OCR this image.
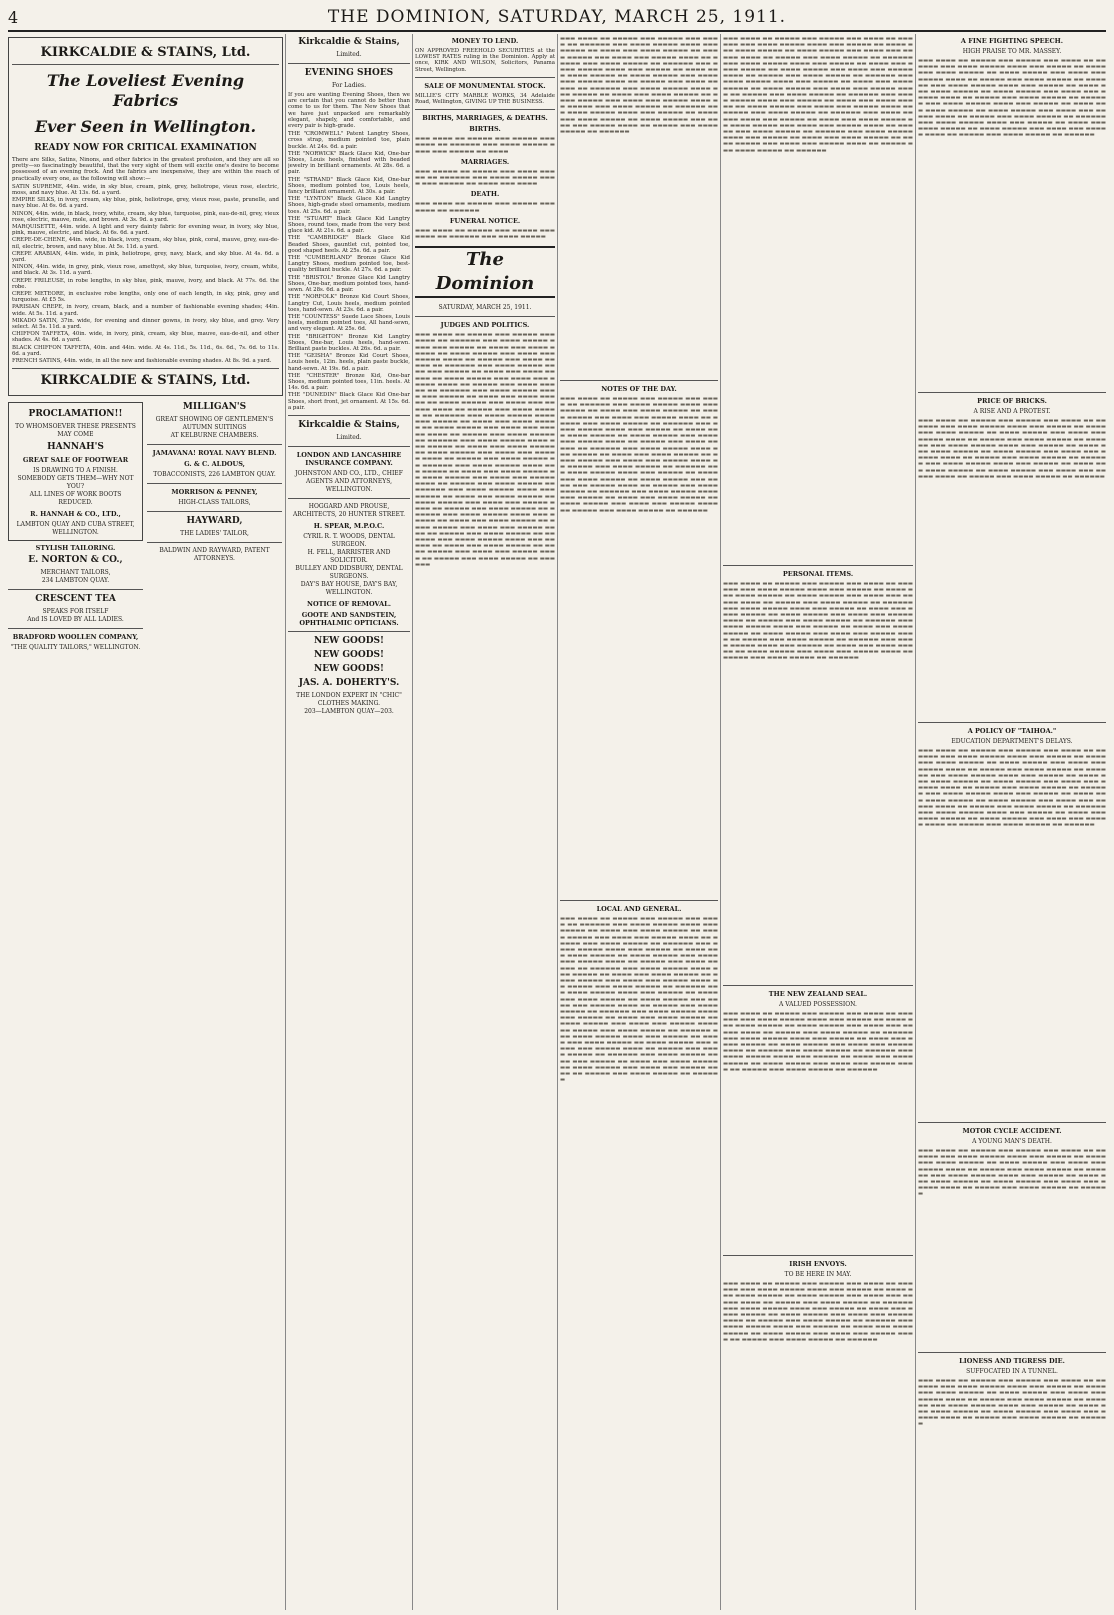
4	THE DOMINION, SATURDAY, MARCH 25, 1911.
KIRKCALDIE & STAINS, Ltd.
The Loveliest Evening Fabrics
Ever Seen in Wellington.
READY NOW FOR CRITICAL EXAMINATION
There are Silks, Satins, Ninons, and other fabrics in the greatest profusion, and they are all so pretty—so fascinatingly beautiful, that the very sight of them will excite one's desire to become possessed of an evening frock. And the fabrics are inexpensive, they are within the reach of practically every one, as the following will show:—
SATIN SUPREME, 44in. wide, in sky blue, cream, pink, grey, heliotrope, vieux rose, electric, moss, and navy blue. At 13s. 6d. a yard.
EMPIRE SILKS, in ivory, cream, sky blue, pink, heliotrope, grey, vieux rose, paste, prunelle, and navy blue. At 6s. 6d. a yard.
NINON, 44in. wide, in black, ivory, white, cream, sky blue, turquoise, pink, eau-de-nil, grey, vieux rose, electric, mauve, mole, and brown. At 3s. 9d. a yard.
MARQUISETTE, 44in. wide. A light and very dainty fabric for evening wear, in ivory, sky blue, pink, mauve, electric, and black. At 6s. 6d. a yard.
CREPE-DE-CHENE, 44in. wide, in black, ivory, cream, sky blue, pink, coral, mauve, grey, eau-de-nil, electric, brown, and navy blue. At 5s. 11d. a yard.
CREPE ARABIAN, 44in. wide, in pink, heliotrope, grey, navy, black, and sky blue. At 4s. 6d. a yard.
NINON, 44in. wide, in grey, pink, vieux rose, amethyst, sky blue, turquoise, ivory, cream, white, and black. At 3s. 11d. a yard.
CREPE FRILEUSE, in robe lengths, in sky blue, pink, mauve, ivory, and black. At 77s. 6d. the robe.
CREPE METEORE, in exclusive robe lengths, only one of each length, in sky, pink, grey and turquoise. At £5 5s.
PARISIAN CREPE, in ivory, cream, black, and a number of fashionable evening shades; 44in. wide. At 5s. 11d. a yard.
MIKADO SATIN, 37in. wide, for evening and dinner gowns, in ivory, sky blue, and grey. Very select. At 5s. 11d. a yard.
CHIFFON TAFFETA, 40in. wide, in ivory, pink, cream, sky blue, mauve, eau-de-nil, and other shades. At 4s. 6d. a yard.
BLACK CHIFFON TAFFETA, 40in. and 44in. wide. At 4s. 11d., 5s. 11d., 6s. 6d., 7s. 6d. to 11s. 6d. a yard.
FRENCH SATINS, 44in. wide, in all the new and fashionable evening shades. At 8s. 9d. a yard.
KIRKCALDIE & STAINS, Ltd.
PROCLAMATION!!
TO WHOMSOEVER THESE PRESENTS MAY COME
HANNAH'S
GREAT SALE OF FOOTWEAR
IS DRAWING TO A FINISH.
SOMEBODY GETS THEM—WHY NOT YOU?
ALL LINES OF WORK BOOTS REDUCED.
R. HANNAH & CO., LTD.,
LAMBTON QUAY AND CUBA STREET, WELLINGTON.
STYLISH TAILORING.
E. NORTON & CO.,
MERCHANT TAILORS,
234 LAMBTON QUAY.
CRESCENT TEA
SPEAKS FOR ITSELF
And IS LOVED BY ALL LADIES.
BRADFORD WOOLLEN COMPANY,
"THE QUALITY TAILORS," WELLINGTON.
MILLIGAN'S
GREAT SHOWING OF GENTLEMEN'S AUTUMN SUITINGS
AT KELBURNE CHAMBERS.
JAMAVANA! ROYAL NAVY BLEND.
G. & C. ALDOUS,
TOBACCONISTS, 226 LAMBTON QUAY.
MORRISON & PENNEY,
HIGH-CLASS TAILORS,
HAYWARD,
THE LADIES' TAILOR,
BALDWIN AND RAYWARD, PATENT ATTORNEYS.
Kirkcaldie & Stains,
Limited.
EVENING SHOES
For Ladies.
If you are wanting Evening Shoes, then we are certain that you cannot do better than come to us for them. The New Shoes that we have just unpacked are remarkably elegant, shapely, and comfortable, and every pair is high-grade.
THE "CROMWELL" Patent Langtry Shoes, cross strap, medium pointed toe, plain buckle. At 24s. 6d. a pair.
THE "NORWICK" Black Glace Kid, One-bar Shoes, Louis heels, finished with beaded jewelry in brilliant ornaments. At 28s. 6d. a pair.
THE "STRAND" Black Glace Kid, One-bar Shoes, medium pointed toe, Louis heels, fancy brilliant ornament. At 30s. a pair.
THE "LYNTON" Black Glace Kid Langtry Shoes, high-grade steel ornaments, medium toes. At 25s. 6d. a pair.
THE "STUART" Black Glace Kid Langtry Shoes, round toes, made from the very best glace kid. At 21s. 6d. a pair.
THE "CAMBRIDGE" Black Glace Kid Beaded Shoes, gauntlet cut, pointed toe, good shaped heels. At 25s. 6d. a pair.
THE "CUMBERLAND" Bronze Glace Kid Langtry Shoes, medium pointed toe, best-quality brilliant buckle. At 27s. 6d. a pair.
THE "BRISTOL" Bronze Glace Kid Langtry Shoes, One-bar, medium pointed toes, hand-sewn. At 28s. 6d. a pair.
THE "NORFOLK" Bronze Kid Court Shoes, Langtry Cut, Louis heels, medium pointed toes, hand-sewn. At 23s. 6d. a pair.
THE "COUNTESS" Suede Lace Shoes, Louis heels, medium pointed toes, All hand-sewn, and very elegant. At 25s. 6d.
THE "BRIGHTON" Bronze Kid Langtry Shoes, One-bar, Louis heels, hand-sewn. Brilliant paste buckles. At 26s. 6d. a pair.
THE "GEISHA" Bronze Kid Court Shoes, Louis heels, 12in. heels, plain paste buckle, hand-sewn. At 19s. 6d. a pair.
THE "CHESTER" Bronze Kid, One-bar Shoes, medium pointed toes, 11in. heels. At 14s. 6d. a pair.
THE "DUNEDIN" Black Glace Kid One-bar Shoes, short front, jet ornament. At 15s. 6d. a pair.
Kirkcaldie & Stains,
Limited.
LONDON AND LANCASHIRE INSURANCE COMPANY.
JOHNSTON AND CO., LTD., CHIEF AGENTS AND ATTORNEYS, WELLINGTON.
HOGGARD AND PROUSE, ARCHITECTS, 20 HUNTER STREET.
H. SPEAR, M.P.O.C.
CYRIL R. T. WOODS, DENTAL SURGEON.
H. FELL, BARRISTER AND SOLICITOR.
BULLEY AND DIDSBURY, DENTAL SURGEONS.
DAY'S BAY HOUSE, DAY'S BAY, WELLINGTON.
NOTICE OF REMOVAL.
GOOTE AND SANDSTEIN, OPHTHALMIC OPTICIANS.
NEW GOODS!
NEW GOODS!
NEW GOODS!
JAS. A. DOHERTY'S.
THE LONDON EXPERT IN "CHIC" CLOTHES MAKING.
203—LAMBTON QUAY—203.
MONEY TO LEND.
ON APPROVED FREEHOLD SECURITIES at the LOWEST RATES ruling in the Dominion. Apply at once, KIRK AND WILSON, Solicitors, Panama Street, Wellington.
SALE OF MONUMENTAL STOCK.
MILLIE'S CITY MARBLE WORKS, 34 Adelaide Road, Wellington, GIVING UP THE BUSINESS.
BIRTHS, MARRIAGES, & DEATHS.
BIRTHS.
▬▬▬ ▬▬▬▬ ▬▬ ▬▬▬▬▬ ▬▬▬ ▬▬▬▬▬ ▬▬▬ ▬▬▬▬ ▬▬ ▬▬▬▬▬▬ ▬▬▬ ▬▬▬▬ ▬▬▬▬▬ ▬▬▬▬ ▬▬▬ ▬▬▬▬▬ ▬▬ ▬▬▬▬
MARRIAGES.
▬▬▬ ▬▬▬▬▬ ▬▬ ▬▬▬▬▬ ▬▬▬ ▬▬▬▬ ▬▬▬▬▬ ▬▬ ▬▬▬▬▬▬ ▬▬▬ ▬▬▬▬ ▬▬▬▬▬ ▬▬▬▬ ▬▬▬ ▬▬▬▬▬ ▬▬ ▬▬▬▬ ▬▬▬ ▬▬▬▬
DEATH.
▬▬▬ ▬▬▬▬ ▬▬ ▬▬▬▬▬ ▬▬▬ ▬▬▬▬▬ ▬▬▬ ▬▬▬▬ ▬▬ ▬▬▬▬▬▬
FUNERAL NOTICE.
▬▬▬ ▬▬▬▬ ▬▬ ▬▬▬▬▬ ▬▬▬ ▬▬▬▬▬ ▬▬▬ ▬▬▬▬ ▬▬ ▬▬▬▬▬▬ ▬▬▬ ▬▬▬▬ ▬▬▬▬▬
The Dominion
SATURDAY, MARCH 25, 1911.
JUDGES AND POLITICS.
▬▬▬ ▬▬▬▬ ▬▬ ▬▬▬▬▬ ▬▬▬ ▬▬▬▬▬ ▬▬▬ ▬▬▬▬ ▬▬ ▬▬▬▬▬▬ ▬▬▬ ▬▬▬▬ ▬▬▬▬▬ ▬▬▬▬ ▬▬▬ ▬▬▬▬▬ ▬▬ ▬▬▬▬ ▬▬▬ ▬▬▬▬ ▬▬▬▬▬ ▬▬ ▬▬▬▬ ▬▬▬▬▬ ▬▬▬ ▬▬▬▬ ▬▬▬ ▬▬▬▬▬ ▬▬▬▬ ▬▬ ▬▬▬▬▬ ▬▬▬ ▬▬▬▬ ▬▬▬▬▬ ▬▬ ▬▬▬▬▬▬ ▬▬▬ ▬▬▬▬ ▬▬▬▬▬ ▬▬▬▬ ▬▬▬ ▬▬▬▬▬ ▬▬ ▬▬▬▬ ▬▬▬ ▬▬▬▬ ▬▬▬▬▬ ▬▬ ▬▬▬▬ ▬▬▬▬▬ ▬▬▬ ▬▬▬▬ ▬▬▬ ▬▬▬▬▬ ▬▬▬▬ ▬▬ ▬▬▬▬▬ ▬▬▬ ▬▬▬▬ ▬▬▬▬▬ ▬▬ ▬▬▬▬▬▬ ▬▬▬ ▬▬▬▬ ▬▬▬▬▬ ▬▬▬▬ ▬▬▬ ▬▬▬▬▬ ▬▬ ▬▬▬▬ ▬▬▬ ▬▬▬▬ ▬▬▬▬▬ ▬▬ ▬▬▬▬ ▬▬▬▬▬ ▬▬▬ ▬▬▬▬ ▬▬▬ ▬▬▬▬▬ ▬▬▬▬ ▬▬ ▬▬▬▬▬ ▬▬▬ ▬▬▬▬ ▬▬▬▬▬ ▬▬ ▬▬▬▬▬▬ ▬▬▬ ▬▬▬▬ ▬▬▬▬▬ ▬▬▬▬ ▬▬▬ ▬▬▬▬▬ ▬▬ ▬▬▬▬ ▬▬▬ ▬▬▬▬ ▬▬▬▬▬ ▬▬ ▬▬▬▬ ▬▬▬▬▬ ▬▬▬ ▬▬▬▬ ▬▬▬ ▬▬▬▬▬ ▬▬▬▬ ▬▬ ▬▬▬▬▬ ▬▬▬ ▬▬▬▬ ▬▬▬▬▬ ▬▬ ▬▬▬▬▬▬ ▬▬▬ ▬▬▬▬ ▬▬▬▬▬ ▬▬▬▬ ▬▬▬ ▬▬▬▬▬ ▬▬ ▬▬▬▬ ▬▬▬ ▬▬▬▬ ▬▬▬▬▬ ▬▬ ▬▬▬▬ ▬▬▬▬▬ ▬▬▬ ▬▬▬▬ ▬▬▬ ▬▬▬▬▬ ▬▬▬▬ ▬▬ ▬▬▬▬▬ ▬▬▬ ▬▬▬▬ ▬▬▬▬▬ ▬▬ ▬▬▬▬▬▬ ▬▬▬ ▬▬▬▬ ▬▬▬▬▬ ▬▬▬▬ ▬▬▬ ▬▬▬▬▬ ▬▬ ▬▬▬▬ ▬▬▬ ▬▬▬▬ ▬▬▬▬▬ ▬▬ ▬▬▬▬ ▬▬▬▬▬ ▬▬▬ ▬▬▬▬ ▬▬▬ ▬▬▬▬▬ ▬▬▬▬ ▬▬ ▬▬▬▬▬ ▬▬▬ ▬▬▬▬ ▬▬▬▬▬ ▬▬ ▬▬▬▬▬▬ ▬▬▬ ▬▬▬▬ ▬▬▬▬▬ ▬▬▬▬ ▬▬▬ ▬▬▬▬▬ ▬▬ ▬▬▬▬ ▬▬▬ ▬▬▬▬ ▬▬▬▬▬ ▬▬ ▬▬▬▬ ▬▬▬▬▬ ▬▬▬ ▬▬▬▬ ▬▬▬ ▬▬▬▬▬ ▬▬▬▬ ▬▬ ▬▬▬▬▬ ▬▬▬ ▬▬▬▬ ▬▬▬▬▬ ▬▬ ▬▬▬▬▬▬ ▬▬▬ ▬▬▬▬ ▬▬▬▬▬ ▬▬▬▬ ▬▬▬ ▬▬▬▬▬ ▬▬ ▬▬▬▬ ▬▬▬ ▬▬▬▬ ▬▬▬▬▬ ▬▬ ▬▬▬▬ ▬▬▬▬▬ ▬▬▬ ▬▬▬▬ ▬▬▬ ▬▬▬▬▬ ▬▬▬▬ ▬▬ ▬▬▬▬▬ ▬▬▬ ▬▬▬▬ ▬▬▬▬▬ ▬▬ ▬▬▬▬▬▬ ▬▬▬ ▬▬▬▬ ▬▬▬▬▬ ▬▬▬▬ ▬▬▬ ▬▬▬▬▬ ▬▬ ▬▬▬▬ ▬▬▬ ▬▬▬▬ ▬▬▬▬▬ ▬▬ ▬▬▬▬ ▬▬▬▬▬ ▬▬▬ ▬▬▬▬ ▬▬▬ ▬▬▬▬▬ ▬▬▬▬ ▬▬ ▬▬▬▬▬ ▬▬▬ ▬▬▬▬ ▬▬▬▬▬ ▬▬ ▬▬▬▬▬▬
▬▬▬ ▬▬▬▬ ▬▬ ▬▬▬▬▬ ▬▬▬ ▬▬▬▬▬ ▬▬▬ ▬▬▬▬ ▬▬ ▬▬▬▬▬▬ ▬▬▬ ▬▬▬▬ ▬▬▬▬▬ ▬▬▬▬ ▬▬▬ ▬▬▬▬▬ ▬▬ ▬▬▬▬ ▬▬▬ ▬▬▬▬ ▬▬▬▬▬ ▬▬ ▬▬▬▬ ▬▬▬▬▬ ▬▬▬ ▬▬▬▬ ▬▬▬ ▬▬▬▬▬ ▬▬▬▬ ▬▬ ▬▬▬▬▬ ▬▬▬ ▬▬▬▬ ▬▬▬▬▬ ▬▬ ▬▬▬▬▬▬ ▬▬▬ ▬▬▬▬ ▬▬▬▬▬ ▬▬▬▬ ▬▬▬ ▬▬▬▬▬ ▬▬ ▬▬▬▬ ▬▬▬ ▬▬▬▬ ▬▬▬▬▬ ▬▬ ▬▬▬▬ ▬▬▬▬▬ ▬▬▬ ▬▬▬▬ ▬▬▬ ▬▬▬▬▬ ▬▬▬▬ ▬▬ ▬▬▬▬▬ ▬▬▬ ▬▬▬▬ ▬▬▬▬▬ ▬▬ ▬▬▬▬▬▬ ▬▬▬ ▬▬▬▬ ▬▬▬▬▬ ▬▬▬▬ ▬▬▬ ▬▬▬▬▬ ▬▬ ▬▬▬▬ ▬▬▬ ▬▬▬▬ ▬▬▬▬▬ ▬▬ ▬▬▬▬ ▬▬▬▬▬ ▬▬▬ ▬▬▬▬ ▬▬▬ ▬▬▬▬▬ ▬▬▬▬ ▬▬ ▬▬▬▬▬ ▬▬▬ ▬▬▬▬ ▬▬▬▬▬ ▬▬ ▬▬▬▬▬▬ ▬▬▬ ▬▬▬▬ ▬▬▬▬▬ ▬▬▬▬ ▬▬▬ ▬▬▬▬▬ ▬▬ ▬▬▬▬ ▬▬▬ ▬▬▬▬ ▬▬▬▬▬ ▬▬ ▬▬▬▬ ▬▬▬▬▬ ▬▬▬ ▬▬▬▬ ▬▬▬ ▬▬▬▬▬ ▬▬▬▬ ▬▬ ▬▬▬▬▬ ▬▬▬ ▬▬▬▬ ▬▬▬▬▬ ▬▬ ▬▬▬▬▬▬
NOTES OF THE DAY.
▬▬▬ ▬▬▬▬ ▬▬ ▬▬▬▬▬ ▬▬▬ ▬▬▬▬▬ ▬▬▬ ▬▬▬▬ ▬▬ ▬▬▬▬▬▬ ▬▬▬ ▬▬▬▬ ▬▬▬▬▬ ▬▬▬▬ ▬▬▬ ▬▬▬▬▬ ▬▬ ▬▬▬▬ ▬▬▬ ▬▬▬▬ ▬▬▬▬▬ ▬▬ ▬▬▬▬ ▬▬▬▬▬ ▬▬▬ ▬▬▬▬ ▬▬▬ ▬▬▬▬▬ ▬▬▬▬ ▬▬ ▬▬▬▬▬ ▬▬▬ ▬▬▬▬ ▬▬▬▬▬ ▬▬ ▬▬▬▬▬▬ ▬▬▬ ▬▬▬▬ ▬▬▬▬▬ ▬▬▬▬ ▬▬▬ ▬▬▬▬▬ ▬▬ ▬▬▬▬ ▬▬▬ ▬▬▬▬ ▬▬▬▬▬ ▬▬ ▬▬▬▬ ▬▬▬▬▬ ▬▬▬ ▬▬▬▬ ▬▬▬ ▬▬▬▬▬ ▬▬▬▬ ▬▬ ▬▬▬▬▬ ▬▬▬ ▬▬▬▬ ▬▬▬▬▬ ▬▬ ▬▬▬▬▬▬ ▬▬▬ ▬▬▬▬ ▬▬▬▬▬ ▬▬▬▬ ▬▬▬ ▬▬▬▬▬ ▬▬ ▬▬▬▬ ▬▬▬ ▬▬▬▬ ▬▬▬▬▬ ▬▬ ▬▬▬▬ ▬▬▬▬▬ ▬▬▬ ▬▬▬▬ ▬▬▬ ▬▬▬▬▬ ▬▬▬▬ ▬▬ ▬▬▬▬▬ ▬▬▬ ▬▬▬▬ ▬▬▬▬▬ ▬▬ ▬▬▬▬▬▬ ▬▬▬ ▬▬▬▬ ▬▬▬▬▬ ▬▬▬▬ ▬▬▬ ▬▬▬▬▬ ▬▬ ▬▬▬▬ ▬▬▬ ▬▬▬▬ ▬▬▬▬▬ ▬▬ ▬▬▬▬ ▬▬▬▬▬ ▬▬▬ ▬▬▬▬ ▬▬▬ ▬▬▬▬▬ ▬▬▬▬ ▬▬ ▬▬▬▬▬ ▬▬▬ ▬▬▬▬ ▬▬▬▬▬ ▬▬ ▬▬▬▬▬▬ ▬▬▬ ▬▬▬▬ ▬▬▬▬▬ ▬▬▬▬ ▬▬▬ ▬▬▬▬▬ ▬▬ ▬▬▬▬ ▬▬▬ ▬▬▬▬ ▬▬▬▬▬ ▬▬ ▬▬▬▬ ▬▬▬▬▬ ▬▬▬ ▬▬▬▬ ▬▬▬ ▬▬▬▬▬ ▬▬▬▬ ▬▬ ▬▬▬▬▬ ▬▬▬ ▬▬▬▬ ▬▬▬▬▬ ▬▬ ▬▬▬▬▬▬
LOCAL AND GENERAL.
▬▬▬ ▬▬▬▬ ▬▬ ▬▬▬▬▬ ▬▬▬ ▬▬▬▬▬ ▬▬▬ ▬▬▬▬ ▬▬ ▬▬▬▬▬▬ ▬▬▬ ▬▬▬▬ ▬▬▬▬▬ ▬▬▬▬ ▬▬▬ ▬▬▬▬▬ ▬▬ ▬▬▬▬ ▬▬▬ ▬▬▬▬ ▬▬▬▬▬ ▬▬ ▬▬▬▬ ▬▬▬▬▬ ▬▬▬ ▬▬▬▬ ▬▬▬ ▬▬▬▬▬ ▬▬▬▬ ▬▬ ▬▬▬▬▬ ▬▬▬ ▬▬▬▬ ▬▬▬▬▬ ▬▬ ▬▬▬▬▬▬ ▬▬▬ ▬▬▬▬ ▬▬▬▬▬ ▬▬▬▬ ▬▬▬ ▬▬▬▬▬ ▬▬ ▬▬▬▬ ▬▬▬ ▬▬▬▬ ▬▬▬▬▬ ▬▬ ▬▬▬▬ ▬▬▬▬▬ ▬▬▬ ▬▬▬▬ ▬▬▬ ▬▬▬▬▬ ▬▬▬▬ ▬▬ ▬▬▬▬▬ ▬▬▬ ▬▬▬▬ ▬▬▬▬▬ ▬▬ ▬▬▬▬▬▬ ▬▬▬ ▬▬▬▬ ▬▬▬▬▬ ▬▬▬▬ ▬▬▬ ▬▬▬▬▬ ▬▬ ▬▬▬▬ ▬▬▬ ▬▬▬▬ ▬▬▬▬▬ ▬▬ ▬▬▬▬ ▬▬▬▬▬ ▬▬▬ ▬▬▬▬ ▬▬▬ ▬▬▬▬▬ ▬▬▬▬ ▬▬ ▬▬▬▬▬ ▬▬▬ ▬▬▬▬ ▬▬▬▬▬ ▬▬ ▬▬▬▬▬▬ ▬▬▬ ▬▬▬▬ ▬▬▬▬▬ ▬▬▬▬ ▬▬▬ ▬▬▬▬▬ ▬▬ ▬▬▬▬ ▬▬▬ ▬▬▬▬ ▬▬▬▬▬ ▬▬ ▬▬▬▬ ▬▬▬▬▬ ▬▬▬ ▬▬▬▬ ▬▬▬ ▬▬▬▬▬ ▬▬▬▬ ▬▬ ▬▬▬▬▬ ▬▬▬ ▬▬▬▬ ▬▬▬▬▬ ▬▬ ▬▬▬▬▬▬ ▬▬▬ ▬▬▬▬ ▬▬▬▬▬ ▬▬▬▬ ▬▬▬ ▬▬▬▬▬ ▬▬ ▬▬▬▬ ▬▬▬ ▬▬▬▬ ▬▬▬▬▬ ▬▬ ▬▬▬▬ ▬▬▬▬▬ ▬▬▬ ▬▬▬▬ ▬▬▬ ▬▬▬▬▬ ▬▬▬▬ ▬▬ ▬▬▬▬▬ ▬▬▬ ▬▬▬▬ ▬▬▬▬▬ ▬▬ ▬▬▬▬▬▬ ▬▬▬ ▬▬▬▬ ▬▬▬▬▬ ▬▬▬▬ ▬▬▬ ▬▬▬▬▬ ▬▬ ▬▬▬▬ ▬▬▬ ▬▬▬▬ ▬▬▬▬▬ ▬▬ ▬▬▬▬ ▬▬▬▬▬ ▬▬▬ ▬▬▬▬ ▬▬▬ ▬▬▬▬▬ ▬▬▬▬ ▬▬ ▬▬▬▬▬ ▬▬▬ ▬▬▬▬ ▬▬▬▬▬ ▬▬ ▬▬▬▬▬▬ ▬▬▬ ▬▬▬▬ ▬▬▬▬▬ ▬▬▬▬ ▬▬▬ ▬▬▬▬▬ ▬▬ ▬▬▬▬ ▬▬▬ ▬▬▬▬ ▬▬▬▬▬ ▬▬ ▬▬▬▬ ▬▬▬▬▬ ▬▬▬ ▬▬▬▬ ▬▬▬ ▬▬▬▬▬ ▬▬▬▬ ▬▬ ▬▬▬▬▬ ▬▬▬ ▬▬▬▬ ▬▬▬▬▬ ▬▬ ▬▬▬▬▬▬
▬▬▬ ▬▬▬▬ ▬▬ ▬▬▬▬▬ ▬▬▬ ▬▬▬▬▬ ▬▬▬ ▬▬▬▬ ▬▬ ▬▬▬▬▬▬ ▬▬▬ ▬▬▬▬ ▬▬▬▬▬ ▬▬▬▬ ▬▬▬ ▬▬▬▬▬ ▬▬ ▬▬▬▬ ▬▬▬ ▬▬▬▬ ▬▬▬▬▬ ▬▬ ▬▬▬▬ ▬▬▬▬▬ ▬▬▬ ▬▬▬▬ ▬▬▬ ▬▬▬▬▬ ▬▬▬▬ ▬▬ ▬▬▬▬▬ ▬▬▬ ▬▬▬▬ ▬▬▬▬▬ ▬▬ ▬▬▬▬▬▬ ▬▬▬ ▬▬▬▬ ▬▬▬▬▬ ▬▬▬▬ ▬▬▬ ▬▬▬▬▬ ▬▬ ▬▬▬▬ ▬▬▬ ▬▬▬▬ ▬▬▬▬▬ ▬▬ ▬▬▬▬ ▬▬▬▬▬ ▬▬▬ ▬▬▬▬ ▬▬▬ ▬▬▬▬▬ ▬▬▬▬ ▬▬ ▬▬▬▬▬ ▬▬▬ ▬▬▬▬ ▬▬▬▬▬ ▬▬ ▬▬▬▬▬▬ ▬▬▬ ▬▬▬▬ ▬▬▬▬▬ ▬▬▬▬ ▬▬▬ ▬▬▬▬▬ ▬▬ ▬▬▬▬ ▬▬▬ ▬▬▬▬ ▬▬▬▬▬ ▬▬ ▬▬▬▬ ▬▬▬▬▬ ▬▬▬ ▬▬▬▬ ▬▬▬ ▬▬▬▬▬ ▬▬▬▬ ▬▬ ▬▬▬▬▬ ▬▬▬ ▬▬▬▬ ▬▬▬▬▬ ▬▬ ▬▬▬▬▬▬ ▬▬▬ ▬▬▬▬ ▬▬▬▬▬ ▬▬▬▬ ▬▬▬ ▬▬▬▬▬ ▬▬ ▬▬▬▬ ▬▬▬ ▬▬▬▬ ▬▬▬▬▬ ▬▬ ▬▬▬▬ ▬▬▬▬▬ ▬▬▬ ▬▬▬▬ ▬▬▬ ▬▬▬▬▬ ▬▬▬▬ ▬▬ ▬▬▬▬▬ ▬▬▬ ▬▬▬▬ ▬▬▬▬▬ ▬▬ ▬▬▬▬▬▬ ▬▬▬ ▬▬▬▬ ▬▬▬▬▬ ▬▬▬▬ ▬▬▬ ▬▬▬▬▬ ▬▬ ▬▬▬▬ ▬▬▬ ▬▬▬▬ ▬▬▬▬▬ ▬▬ ▬▬▬▬ ▬▬▬▬▬ ▬▬▬ ▬▬▬▬ ▬▬▬ ▬▬▬▬▬ ▬▬▬▬ ▬▬ ▬▬▬▬▬ ▬▬▬ ▬▬▬▬ ▬▬▬▬▬ ▬▬ ▬▬▬▬▬▬ ▬▬▬ ▬▬▬▬ ▬▬▬▬▬ ▬▬▬▬ ▬▬▬ ▬▬▬▬▬ ▬▬ ▬▬▬▬ ▬▬▬ ▬▬▬▬ ▬▬▬▬▬ ▬▬ ▬▬▬▬ ▬▬▬▬▬ ▬▬▬ ▬▬▬▬ ▬▬▬ ▬▬▬▬▬ ▬▬▬▬ ▬▬ ▬▬▬▬▬ ▬▬▬ ▬▬▬▬ ▬▬▬▬▬ ▬▬ ▬▬▬▬▬▬
PERSONAL ITEMS.
▬▬▬ ▬▬▬▬ ▬▬ ▬▬▬▬▬ ▬▬▬ ▬▬▬▬▬ ▬▬▬ ▬▬▬▬ ▬▬ ▬▬▬▬▬▬ ▬▬▬ ▬▬▬▬ ▬▬▬▬▬ ▬▬▬▬ ▬▬▬ ▬▬▬▬▬ ▬▬ ▬▬▬▬ ▬▬▬ ▬▬▬▬ ▬▬▬▬▬ ▬▬ ▬▬▬▬ ▬▬▬▬▬ ▬▬▬ ▬▬▬▬ ▬▬▬ ▬▬▬▬▬ ▬▬▬▬ ▬▬ ▬▬▬▬▬ ▬▬▬ ▬▬▬▬ ▬▬▬▬▬ ▬▬ ▬▬▬▬▬▬ ▬▬▬ ▬▬▬▬ ▬▬▬▬▬ ▬▬▬▬ ▬▬▬ ▬▬▬▬▬ ▬▬ ▬▬▬▬ ▬▬▬ ▬▬▬▬ ▬▬▬▬▬ ▬▬ ▬▬▬▬ ▬▬▬▬▬ ▬▬▬ ▬▬▬▬ ▬▬▬ ▬▬▬▬▬ ▬▬▬▬ ▬▬ ▬▬▬▬▬ ▬▬▬ ▬▬▬▬ ▬▬▬▬▬ ▬▬ ▬▬▬▬▬▬ ▬▬▬ ▬▬▬▬ ▬▬▬▬▬ ▬▬▬▬ ▬▬▬ ▬▬▬▬▬ ▬▬ ▬▬▬▬ ▬▬▬ ▬▬▬▬ ▬▬▬▬▬ ▬▬ ▬▬▬▬ ▬▬▬▬▬ ▬▬▬ ▬▬▬▬ ▬▬▬ ▬▬▬▬▬ ▬▬▬▬ ▬▬ ▬▬▬▬▬ ▬▬▬ ▬▬▬▬ ▬▬▬▬▬ ▬▬ ▬▬▬▬▬▬ ▬▬▬ ▬▬▬▬ ▬▬▬▬▬ ▬▬▬▬ ▬▬▬ ▬▬▬▬▬ ▬▬ ▬▬▬▬ ▬▬▬ ▬▬▬▬ ▬▬▬▬▬ ▬▬ ▬▬▬▬ ▬▬▬▬▬ ▬▬▬ ▬▬▬▬ ▬▬▬ ▬▬▬▬▬ ▬▬▬▬ ▬▬ ▬▬▬▬▬ ▬▬▬ ▬▬▬▬ ▬▬▬▬▬ ▬▬ ▬▬▬▬▬▬
THE NEW ZEALAND SEAL.
A VALUED POSSESSION.
▬▬▬ ▬▬▬▬ ▬▬ ▬▬▬▬▬ ▬▬▬ ▬▬▬▬▬ ▬▬▬ ▬▬▬▬ ▬▬ ▬▬▬▬▬▬ ▬▬▬ ▬▬▬▬ ▬▬▬▬▬ ▬▬▬▬ ▬▬▬ ▬▬▬▬▬ ▬▬ ▬▬▬▬ ▬▬▬ ▬▬▬▬ ▬▬▬▬▬ ▬▬ ▬▬▬▬ ▬▬▬▬▬ ▬▬▬ ▬▬▬▬ ▬▬▬ ▬▬▬▬▬ ▬▬▬▬ ▬▬ ▬▬▬▬▬ ▬▬▬ ▬▬▬▬ ▬▬▬▬▬ ▬▬ ▬▬▬▬▬▬ ▬▬▬ ▬▬▬▬ ▬▬▬▬▬ ▬▬▬▬ ▬▬▬ ▬▬▬▬▬ ▬▬ ▬▬▬▬ ▬▬▬ ▬▬▬▬ ▬▬▬▬▬ ▬▬ ▬▬▬▬ ▬▬▬▬▬ ▬▬▬ ▬▬▬▬ ▬▬▬ ▬▬▬▬▬ ▬▬▬▬ ▬▬ ▬▬▬▬▬ ▬▬▬ ▬▬▬▬ ▬▬▬▬▬ ▬▬ ▬▬▬▬▬▬ ▬▬▬ ▬▬▬▬ ▬▬▬▬▬ ▬▬▬▬ ▬▬▬ ▬▬▬▬▬ ▬▬ ▬▬▬▬ ▬▬▬ ▬▬▬▬ ▬▬▬▬▬ ▬▬ ▬▬▬▬ ▬▬▬▬▬ ▬▬▬ ▬▬▬▬ ▬▬▬ ▬▬▬▬▬ ▬▬▬▬ ▬▬ ▬▬▬▬▬ ▬▬▬ ▬▬▬▬ ▬▬▬▬▬ ▬▬ ▬▬▬▬▬▬
IRISH ENVOYS.
TO BE HERE IN MAY.
▬▬▬ ▬▬▬▬ ▬▬ ▬▬▬▬▬ ▬▬▬ ▬▬▬▬▬ ▬▬▬ ▬▬▬▬ ▬▬ ▬▬▬▬▬▬ ▬▬▬ ▬▬▬▬ ▬▬▬▬▬ ▬▬▬▬ ▬▬▬ ▬▬▬▬▬ ▬▬ ▬▬▬▬ ▬▬▬ ▬▬▬▬ ▬▬▬▬▬ ▬▬ ▬▬▬▬ ▬▬▬▬▬ ▬▬▬ ▬▬▬▬ ▬▬▬ ▬▬▬▬▬ ▬▬▬▬ ▬▬ ▬▬▬▬▬ ▬▬▬ ▬▬▬▬ ▬▬▬▬▬ ▬▬ ▬▬▬▬▬▬ ▬▬▬ ▬▬▬▬ ▬▬▬▬▬ ▬▬▬▬ ▬▬▬ ▬▬▬▬▬ ▬▬ ▬▬▬▬ ▬▬▬ ▬▬▬▬ ▬▬▬▬▬ ▬▬ ▬▬▬▬ ▬▬▬▬▬ ▬▬▬ ▬▬▬▬ ▬▬▬ ▬▬▬▬▬ ▬▬▬▬ ▬▬ ▬▬▬▬▬ ▬▬▬ ▬▬▬▬ ▬▬▬▬▬ ▬▬ ▬▬▬▬▬▬ ▬▬▬ ▬▬▬▬ ▬▬▬▬▬ ▬▬▬▬ ▬▬▬ ▬▬▬▬▬ ▬▬ ▬▬▬▬ ▬▬▬ ▬▬▬▬ ▬▬▬▬▬ ▬▬ ▬▬▬▬ ▬▬▬▬▬ ▬▬▬ ▬▬▬▬ ▬▬▬ ▬▬▬▬▬ ▬▬▬▬ ▬▬ ▬▬▬▬▬ ▬▬▬ ▬▬▬▬ ▬▬▬▬▬ ▬▬ ▬▬▬▬▬▬
A FINE FIGHTING SPEECH.
HIGH PRAISE TO MR. MASSEY.
▬▬▬ ▬▬▬▬ ▬▬ ▬▬▬▬▬ ▬▬▬ ▬▬▬▬▬ ▬▬▬ ▬▬▬▬ ▬▬ ▬▬▬▬▬▬ ▬▬▬ ▬▬▬▬ ▬▬▬▬▬ ▬▬▬▬ ▬▬▬ ▬▬▬▬▬ ▬▬ ▬▬▬▬ ▬▬▬ ▬▬▬▬ ▬▬▬▬▬ ▬▬ ▬▬▬▬ ▬▬▬▬▬ ▬▬▬ ▬▬▬▬ ▬▬▬ ▬▬▬▬▬ ▬▬▬▬ ▬▬ ▬▬▬▬▬ ▬▬▬ ▬▬▬▬ ▬▬▬▬▬ ▬▬ ▬▬▬▬▬▬ ▬▬▬ ▬▬▬▬ ▬▬▬▬▬ ▬▬▬▬ ▬▬▬ ▬▬▬▬▬ ▬▬ ▬▬▬▬ ▬▬▬ ▬▬▬▬ ▬▬▬▬▬ ▬▬ ▬▬▬▬ ▬▬▬▬▬ ▬▬▬ ▬▬▬▬ ▬▬▬ ▬▬▬▬▬ ▬▬▬▬ ▬▬ ▬▬▬▬▬ ▬▬▬ ▬▬▬▬ ▬▬▬▬▬ ▬▬ ▬▬▬▬▬▬ ▬▬▬ ▬▬▬▬ ▬▬▬▬▬ ▬▬▬▬ ▬▬▬ ▬▬▬▬▬ ▬▬ ▬▬▬▬ ▬▬▬ ▬▬▬▬ ▬▬▬▬▬ ▬▬ ▬▬▬▬ ▬▬▬▬▬ ▬▬▬ ▬▬▬▬ ▬▬▬ ▬▬▬▬▬ ▬▬▬▬ ▬▬ ▬▬▬▬▬ ▬▬▬ ▬▬▬▬ ▬▬▬▬▬ ▬▬ ▬▬▬▬▬▬ ▬▬▬ ▬▬▬▬ ▬▬▬▬▬ ▬▬▬▬ ▬▬▬ ▬▬▬▬▬ ▬▬ ▬▬▬▬ ▬▬▬ ▬▬▬▬ ▬▬▬▬▬ ▬▬ ▬▬▬▬ ▬▬▬▬▬ ▬▬▬ ▬▬▬▬ ▬▬▬ ▬▬▬▬▬ ▬▬▬▬ ▬▬ ▬▬▬▬▬ ▬▬▬ ▬▬▬▬ ▬▬▬▬▬ ▬▬ ▬▬▬▬▬▬
PRICE OF BRICKS.
A RISE AND A PROTEST.
▬▬▬ ▬▬▬▬ ▬▬ ▬▬▬▬▬ ▬▬▬ ▬▬▬▬▬ ▬▬▬ ▬▬▬▬ ▬▬ ▬▬▬▬▬▬ ▬▬▬ ▬▬▬▬ ▬▬▬▬▬ ▬▬▬▬ ▬▬▬ ▬▬▬▬▬ ▬▬ ▬▬▬▬ ▬▬▬ ▬▬▬▬ ▬▬▬▬▬ ▬▬ ▬▬▬▬ ▬▬▬▬▬ ▬▬▬ ▬▬▬▬ ▬▬▬ ▬▬▬▬▬ ▬▬▬▬ ▬▬ ▬▬▬▬▬ ▬▬▬ ▬▬▬▬ ▬▬▬▬▬ ▬▬ ▬▬▬▬▬▬ ▬▬▬ ▬▬▬▬ ▬▬▬▬▬ ▬▬▬▬ ▬▬▬ ▬▬▬▬▬ ▬▬ ▬▬▬▬ ▬▬▬ ▬▬▬▬ ▬▬▬▬▬ ▬▬ ▬▬▬▬ ▬▬▬▬▬ ▬▬▬ ▬▬▬▬ ▬▬▬ ▬▬▬▬▬ ▬▬▬▬ ▬▬ ▬▬▬▬▬ ▬▬▬ ▬▬▬▬ ▬▬▬▬▬ ▬▬ ▬▬▬▬▬▬ ▬▬▬ ▬▬▬▬ ▬▬▬▬▬ ▬▬▬▬ ▬▬▬ ▬▬▬▬▬ ▬▬ ▬▬▬▬ ▬▬▬ ▬▬▬▬ ▬▬▬▬▬ ▬▬ ▬▬▬▬ ▬▬▬▬▬ ▬▬▬ ▬▬▬▬ ▬▬▬ ▬▬▬▬▬ ▬▬▬▬ ▬▬ ▬▬▬▬▬ ▬▬▬ ▬▬▬▬ ▬▬▬▬▬ ▬▬ ▬▬▬▬▬▬
A POLICY OF "TAIHOA."
EDUCATION DEPARTMENT'S DELAYS.
▬▬▬ ▬▬▬▬ ▬▬ ▬▬▬▬▬ ▬▬▬ ▬▬▬▬▬ ▬▬▬ ▬▬▬▬ ▬▬ ▬▬▬▬▬▬ ▬▬▬ ▬▬▬▬ ▬▬▬▬▬ ▬▬▬▬ ▬▬▬ ▬▬▬▬▬ ▬▬ ▬▬▬▬ ▬▬▬ ▬▬▬▬ ▬▬▬▬▬ ▬▬ ▬▬▬▬ ▬▬▬▬▬ ▬▬▬ ▬▬▬▬ ▬▬▬ ▬▬▬▬▬ ▬▬▬▬ ▬▬ ▬▬▬▬▬ ▬▬▬ ▬▬▬▬ ▬▬▬▬▬ ▬▬ ▬▬▬▬▬▬ ▬▬▬ ▬▬▬▬ ▬▬▬▬▬ ▬▬▬▬ ▬▬▬ ▬▬▬▬▬ ▬▬ ▬▬▬▬ ▬▬▬ ▬▬▬▬ ▬▬▬▬▬ ▬▬ ▬▬▬▬ ▬▬▬▬▬ ▬▬▬ ▬▬▬▬ ▬▬▬ ▬▬▬▬▬ ▬▬▬▬ ▬▬ ▬▬▬▬▬ ▬▬▬ ▬▬▬▬ ▬▬▬▬▬ ▬▬ ▬▬▬▬▬▬ ▬▬▬ ▬▬▬▬ ▬▬▬▬▬ ▬▬▬▬ ▬▬▬ ▬▬▬▬▬ ▬▬ ▬▬▬▬ ▬▬▬ ▬▬▬▬ ▬▬▬▬▬ ▬▬ ▬▬▬▬ ▬▬▬▬▬ ▬▬▬ ▬▬▬▬ ▬▬▬ ▬▬▬▬▬ ▬▬▬▬ ▬▬ ▬▬▬▬▬ ▬▬▬ ▬▬▬▬ ▬▬▬▬▬ ▬▬ ▬▬▬▬▬▬ ▬▬▬ ▬▬▬▬ ▬▬▬▬▬ ▬▬▬▬ ▬▬▬ ▬▬▬▬▬ ▬▬ ▬▬▬▬ ▬▬▬ ▬▬▬▬ ▬▬▬▬▬ ▬▬ ▬▬▬▬ ▬▬▬▬▬ ▬▬▬ ▬▬▬▬ ▬▬▬ ▬▬▬▬▬ ▬▬▬▬ ▬▬ ▬▬▬▬▬ ▬▬▬ ▬▬▬▬ ▬▬▬▬▬ ▬▬ ▬▬▬▬▬▬
MOTOR CYCLE ACCIDENT.
A YOUNG MAN'S DEATH.
▬▬▬ ▬▬▬▬ ▬▬ ▬▬▬▬▬ ▬▬▬ ▬▬▬▬▬ ▬▬▬ ▬▬▬▬ ▬▬ ▬▬▬▬▬▬ ▬▬▬ ▬▬▬▬ ▬▬▬▬▬ ▬▬▬▬ ▬▬▬ ▬▬▬▬▬ ▬▬ ▬▬▬▬ ▬▬▬ ▬▬▬▬ ▬▬▬▬▬ ▬▬ ▬▬▬▬ ▬▬▬▬▬ ▬▬▬ ▬▬▬▬ ▬▬▬ ▬▬▬▬▬ ▬▬▬▬ ▬▬ ▬▬▬▬▬ ▬▬▬ ▬▬▬▬ ▬▬▬▬▬ ▬▬ ▬▬▬▬▬▬ ▬▬▬ ▬▬▬▬ ▬▬▬▬▬ ▬▬▬▬ ▬▬▬ ▬▬▬▬▬ ▬▬ ▬▬▬▬ ▬▬▬ ▬▬▬▬ ▬▬▬▬▬ ▬▬ ▬▬▬▬ ▬▬▬▬▬ ▬▬▬ ▬▬▬▬ ▬▬▬ ▬▬▬▬▬ ▬▬▬▬ ▬▬ ▬▬▬▬▬ ▬▬▬ ▬▬▬▬ ▬▬▬▬▬ ▬▬ ▬▬▬▬▬▬
LIONESS AND TIGRESS DIE.
SUFFOCATED IN A TUNNEL.
▬▬▬ ▬▬▬▬ ▬▬ ▬▬▬▬▬ ▬▬▬ ▬▬▬▬▬ ▬▬▬ ▬▬▬▬ ▬▬ ▬▬▬▬▬▬ ▬▬▬ ▬▬▬▬ ▬▬▬▬▬ ▬▬▬▬ ▬▬▬ ▬▬▬▬▬ ▬▬ ▬▬▬▬ ▬▬▬ ▬▬▬▬ ▬▬▬▬▬ ▬▬ ▬▬▬▬ ▬▬▬▬▬ ▬▬▬ ▬▬▬▬ ▬▬▬ ▬▬▬▬▬ ▬▬▬▬ ▬▬ ▬▬▬▬▬ ▬▬▬ ▬▬▬▬ ▬▬▬▬▬ ▬▬ ▬▬▬▬▬▬ ▬▬▬ ▬▬▬▬ ▬▬▬▬▬ ▬▬▬▬ ▬▬▬ ▬▬▬▬▬ ▬▬ ▬▬▬▬ ▬▬▬ ▬▬▬▬ ▬▬▬▬▬ ▬▬ ▬▬▬▬ ▬▬▬▬▬ ▬▬▬ ▬▬▬▬ ▬▬▬ ▬▬▬▬▬ ▬▬▬▬ ▬▬ ▬▬▬▬▬ ▬▬▬ ▬▬▬▬ ▬▬▬▬▬ ▬▬ ▬▬▬▬▬▬
